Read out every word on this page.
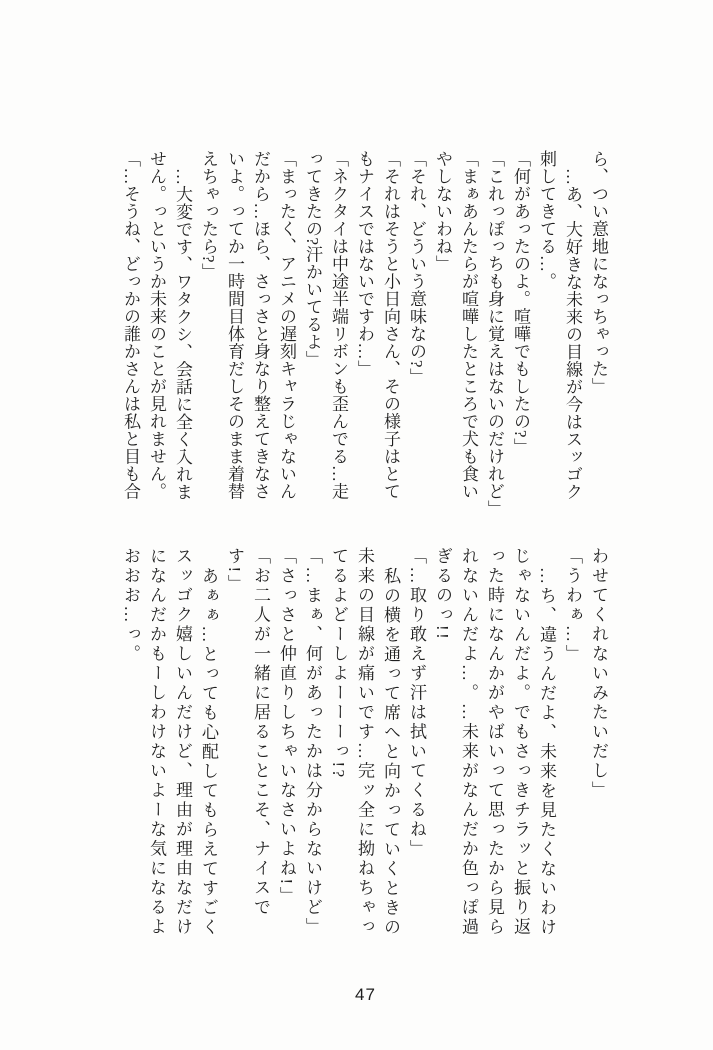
ら、つい意地になっちゃった」

…あ、大好きな未来の目線が今はスッゴク

刺してきてる…。

「何があったのよ。喧嘩でもしたの?」

「これっぽっちも身に覚えはないのだけれど」

「まぁあんたらが喧嘩したところで犬も食い

やしないわね」

「それ、どういう意味なの?」

「それはそうと小日向さん、その様子はとて

もナイスではないですわ…」

「ネクタイは中途半端リボンも歪んでる…走

ってきたの?汗かいてるよ」

「まったく、アニメの遅刻キャラじゃないん

だから…ほら、さっさと身なり整えてきなさ

いよ。ってか一時間目体育だしそのまま着替

えちゃったら?」

…大変です、ワタクシ、会話に全く入れま

せん。っというか未来のことが見れません。

「…そうね、どっかの誰かさんは私と目も合

わせてくれないみたいだし」

「うわぁ…」

…ち、違うんだよ、未来を見たくないわけ

じゃないんだよ。でもさっきチラッと振り返

った時になんかがやばいって思ったから見ら

れないんだよ…。…未来がなんだか色っぽ過

ぎるのっ!!

「…取り敢えず汗は拭いてくるね」

私の横を通って席へと向かっていくときの

未来の目線が痛いです…完ッ全に拗ねちゃっ

てるよどーしよーーーっ!?

「…まぁ、何があったかは分からないけど」

「さっさと仲直りしちゃいなさいよね!」

「お二人が一緒に居ることこそ、ナイスで

す!」

あぁぁ…とっても心配してもらえてすごく

スッゴク嬉しいんだけど、理由が理由なだけ

になんだかもーしわけないよーな気になるよ

おおお…っ。

47
